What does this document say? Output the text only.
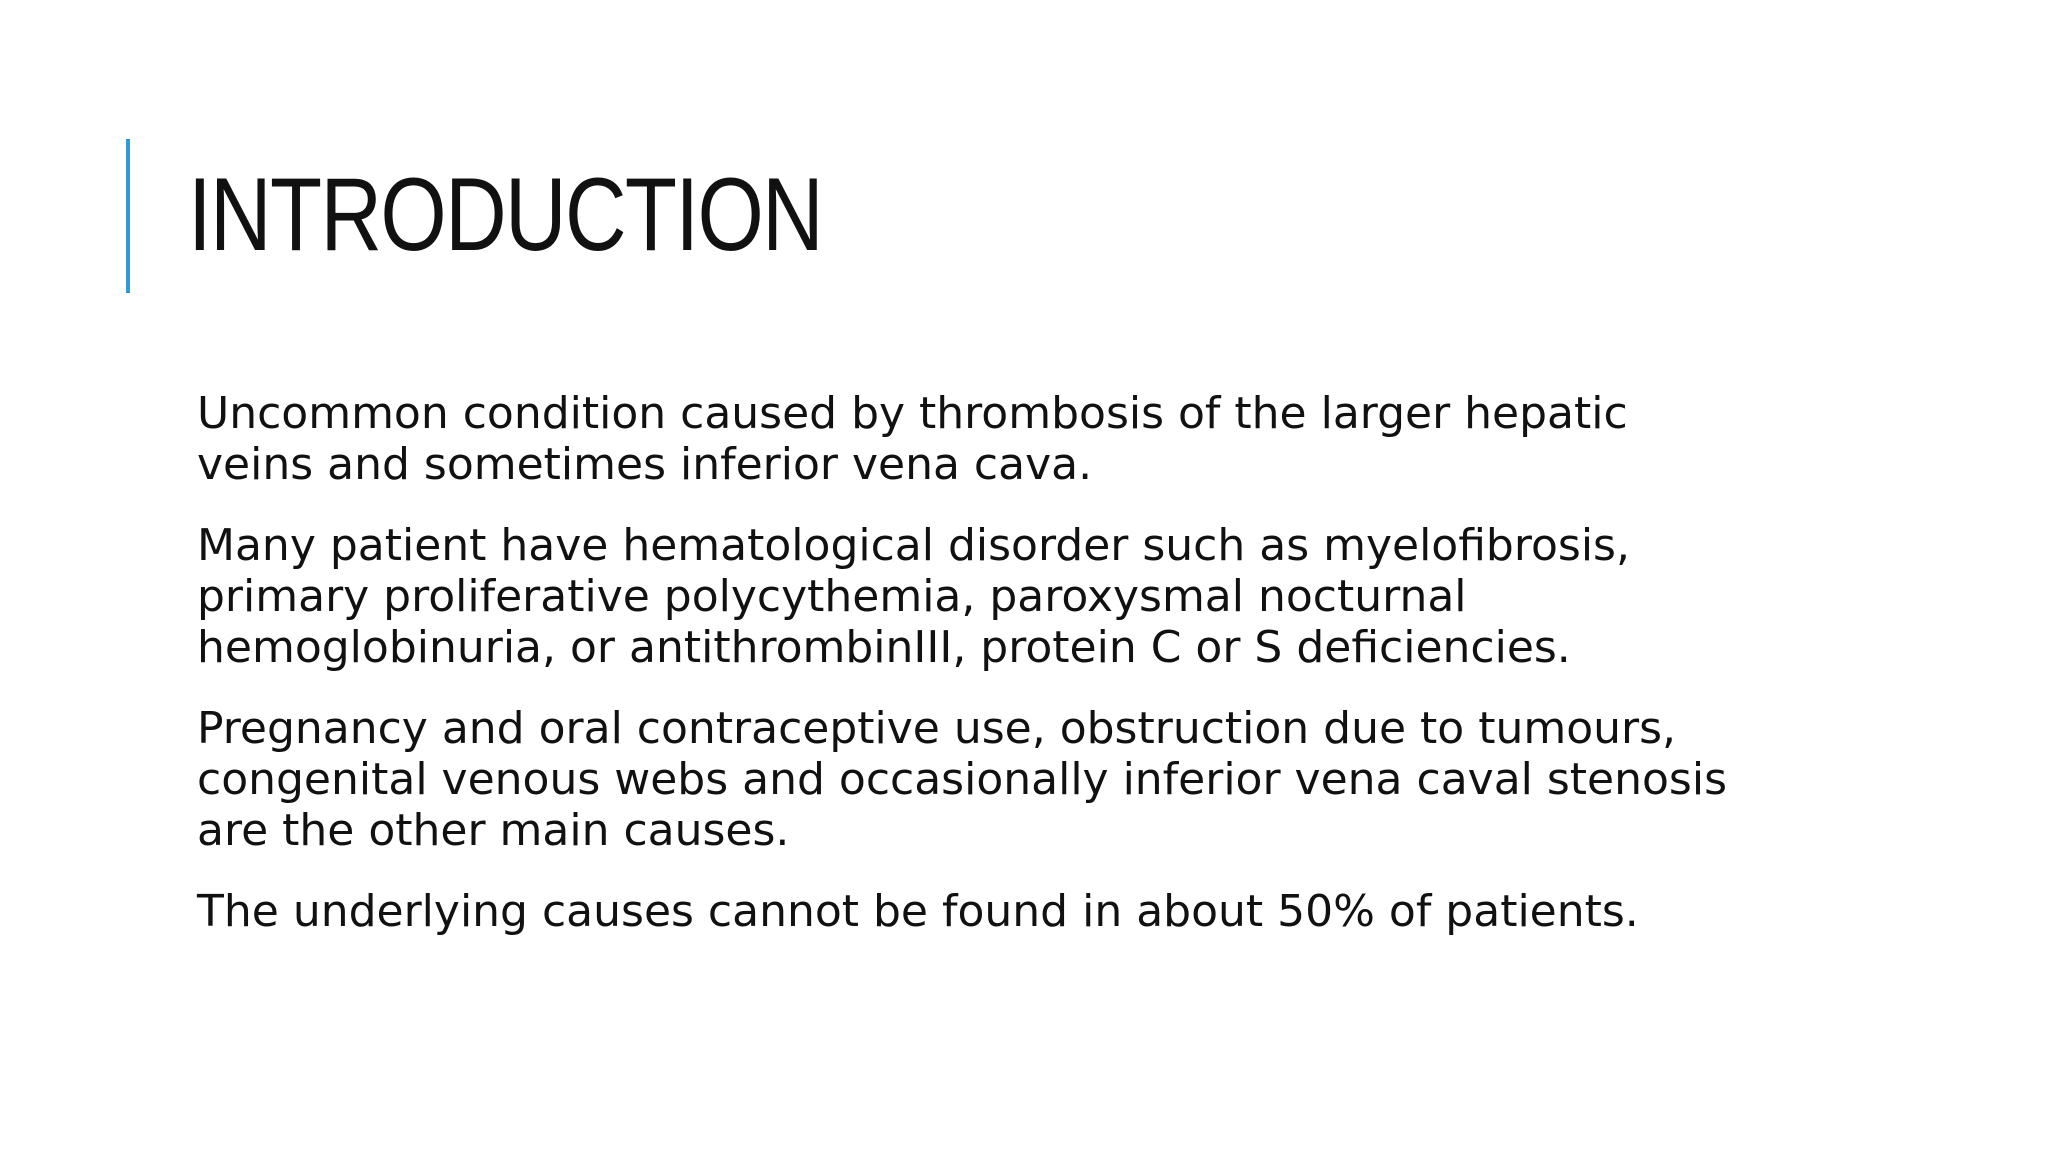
INTRODUCTION

Uncommon condition caused by thrombosis of the larger hepatic
veins and sometimes inferior vena cava.

Many patient have hematological disorder such as myelofibrosis,
primary proliferative polycythemia, paroxysmal nocturnal
hemoglobinuria, or antithrombinIII, protein C or S deficiencies.

Pregnancy and oral contraceptive use, obstruction due to tumours,
congenital venous webs and occasionally inferior vena caval stenosis
are the other main causes.

The underlying causes cannot be found in about 50% of patients.
